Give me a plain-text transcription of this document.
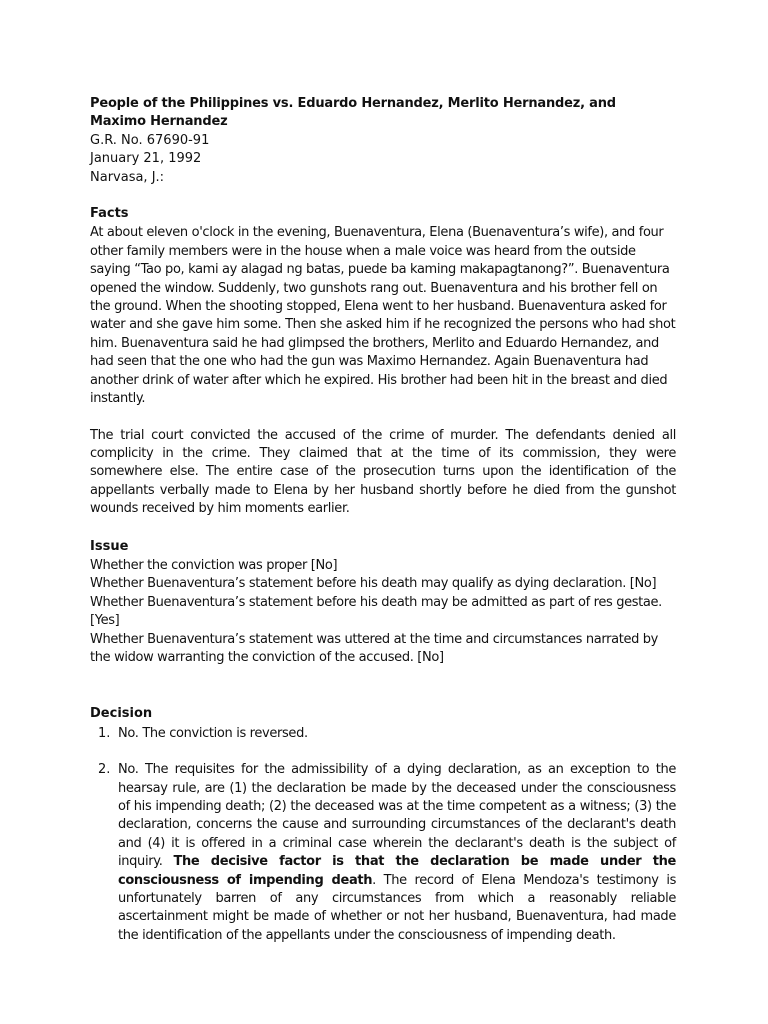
People of the Philippines vs. Eduardo Hernandez, Merlito Hernandez, and Maximo Hernandez

G.R. No. 67690-91

January 21, 1992

Narvasa, J.:

Facts

At about eleven o'clock in the evening, Buenaventura, Elena (Buenaventura’s wife), and four other family members were in the house when a male voice was heard from the outside saying “Tao po, kami ay alagad ng batas, puede ba kaming makapagtanong?”. Buenaventura opened the window. Suddenly, two gunshots rang out. Buenaventura and his brother fell on the ground. When the shooting stopped, Elena went to her husband. Buenaventura asked for water and she gave him some. Then she asked him if he recognized the persons who had shot him. Buenaventura said he had glimpsed the brothers, Merlito and Eduardo Hernandez, and had seen that the one who had the gun was Maximo Hernandez. Again Buenaventura had another drink of water after which he expired. His brother had been hit in the breast and died instantly.

The trial court convicted the accused of the crime of murder. The defendants denied all complicity in the crime. They claimed that at the time of its commission, they were somewhere else. The entire case of the prosecution turns upon the identification of the appellants verbally made to Elena by her husband shortly before he died from the gunshot wounds received by him moments earlier.

Issue

Whether the conviction was proper [No]

Whether Buenaventura’s statement before his death may qualify as dying declaration. [No]

Whether Buenaventura’s statement before his death may be admitted as part of res gestae. [Yes]

Whether Buenaventura’s statement was uttered at the time and circumstances narrated by the widow warranting the conviction of the accused. [No]

Decision

1. No. The conviction is reversed.

2. No. The requisites for the admissibility of a dying declaration, as an exception to the hearsay rule, are (1) the declaration be made by the deceased under the consciousness of his impending death; (2) the deceased was at the time competent as a witness; (3) the declaration, concerns the cause and surrounding circumstances of the declarant's death and (4) it is offered in a criminal case wherein the declarant's death is the subject of inquiry. The decisive factor is that the declaration be made under the consciousness of impending death. The record of Elena Mendoza's testimony is unfortunately barren of any circumstances from which a reasonably reliable ascertainment might be made of whether or not her husband, Buenaventura, had made the identification of the appellants under the consciousness of impending death.
